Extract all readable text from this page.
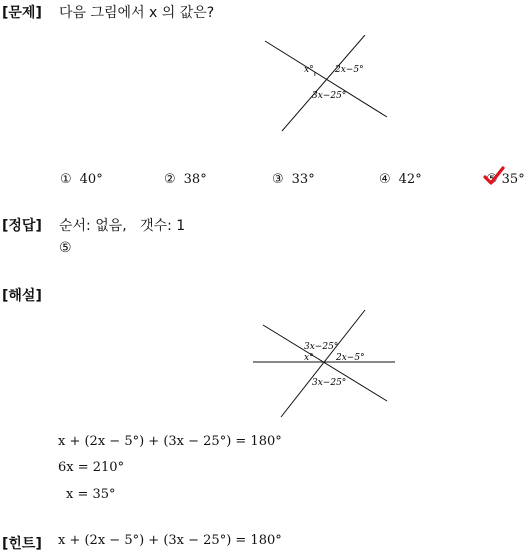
[문제] 다음 그림에서 x 의 값은?
x° 2x−5°
3x−25°
① 40°	② 38°	③ 33°	④ 42°	⑤ 35°
[정답] 순서: 없음,   갯수: 1
⑤
[해설]
3x−25°
x° 2x−5°
3x−25°
x + (2x − 5°) + (3x − 25°) = 180°
6x = 210°
x = 35°
[힌트] x + (2x − 5°) + (3x − 25°) = 180°
